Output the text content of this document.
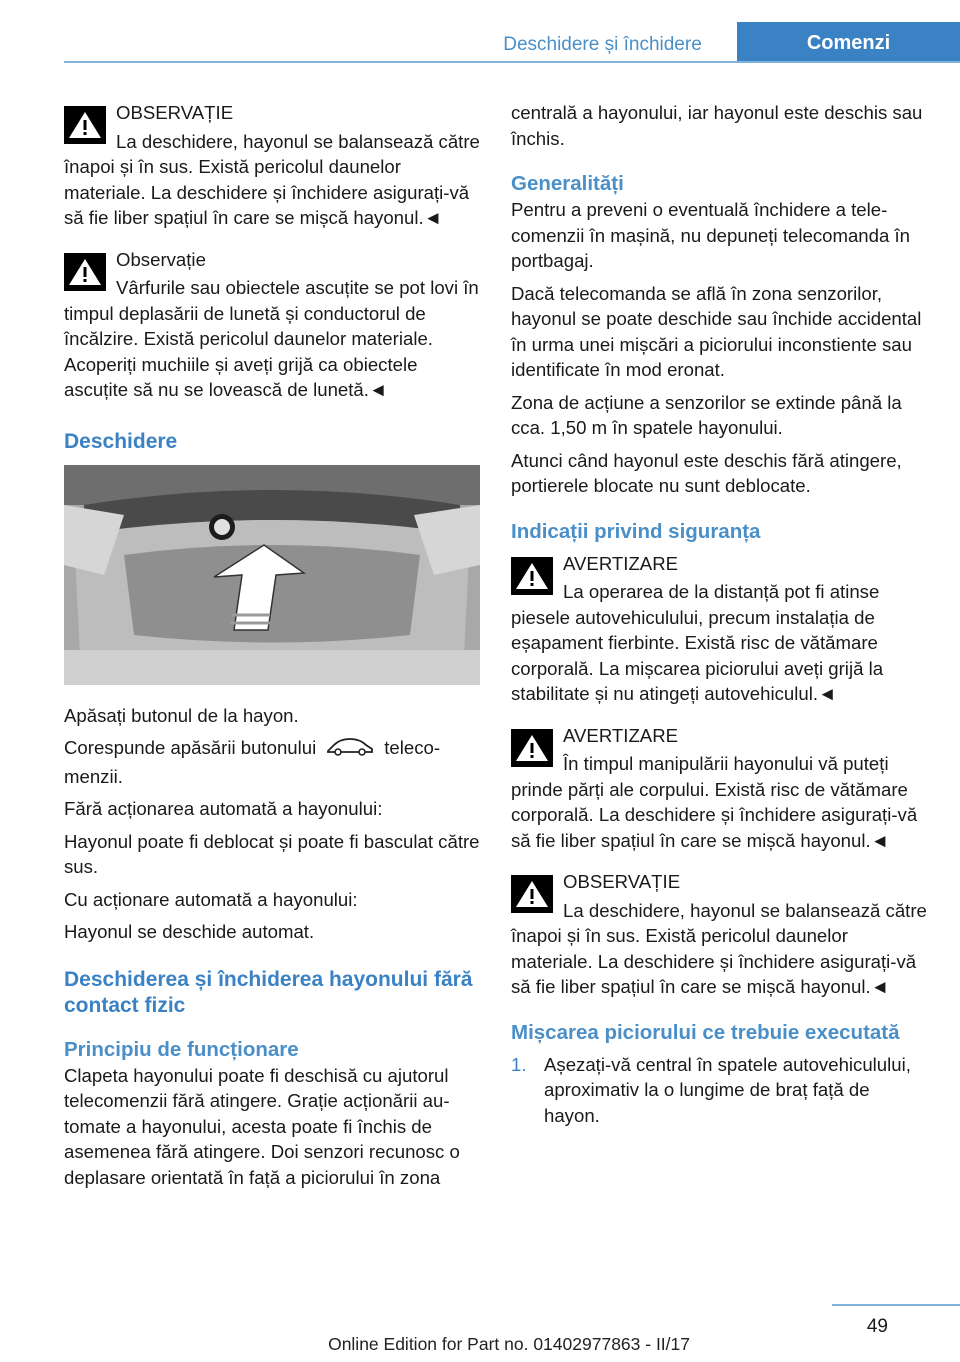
Deschidere și închidere	Comenzi

OBSERVAȚIE

La deschidere, hayonul se balansează către înapoi și în sus. Există pericolul daunelor materiale. La deschidere și închidere asigurați-vă să fie liber spațiul în care se mișcă hayonul.◄

Observație

Vârfurile sau obiectele ascuțite se pot lovi în timpul deplasării de lunetă și conductorul de încălzire. Există pericolul daunelor materiale. Acoperiți muchiile și aveți grijă ca obiectele ascuțite să nu se lovească de lunetă.◄

Deschidere

Apăsați butonul de la hayon.

Corespunde apăsării butonului	telecomenzii.

Fără acționarea automată a hayonului:

Hayonul poate fi deblocat și poate fi basculat către sus.

Cu acționare automată a hayonului:

Hayonul se deschide automat.

Deschiderea și închiderea hayonului fără contact fizic
Principiu de funcționare

Clapeta hayonului poate fi deschisă cu ajutorul telecomenzii fără atingere. Grație acționării automate a hayonului, acesta poate fi închis de asemenea fără atingere. Doi senzori recunosc o deplasare orientată în față a piciorului în zona

centrală a hayonului, iar hayonul este deschis sau închis.

Generalități

Pentru a preveni o eventuală închidere a telecomenzii în mașină, nu depuneți telecomanda în portbagaj.

Dacă telecomanda se află în zona senzorilor, hayonul se poate deschide sau închide accidental în urma unei mișcări a piciorului inconstiente sau identificate în mod eronat.

Zona de acțiune a senzorilor se extinde până la cca. 1,50 m în spatele hayonului.

Atunci când hayonul este deschis fără atingere, portierele blocate nu sunt deblocate.

Indicații privind siguranța

AVERTIZARE

La operarea de la distanță pot fi atinse piesele autovehiculului, precum instalația de eșapament fierbinte. Există risc de vătămare corporală. La mișcarea piciorului aveți grijă la stabilitate și nu atingeți autovehiculul.◄

AVERTIZARE

În timpul manipulării hayonului vă puteți prinde părți ale corpului. Există risc de vătămare corporală. La deschidere și închidere asigurați-vă să fie liber spațiul în care se mișcă hayonul.◄

OBSERVAȚIE

La deschidere, hayonul se balansează către înapoi și în sus. Există pericolul daunelor materiale. La deschidere și închidere asigurați-vă să fie liber spațiul în care se mișcă hayonul.◄

Mișcarea piciorului ce trebuie executată
1. Așezați-vă central în spatele autovehiculului, aproximativ la o lungime de braț față de hayon.
49
Online Edition for Part no. 01402977863 - II/17
